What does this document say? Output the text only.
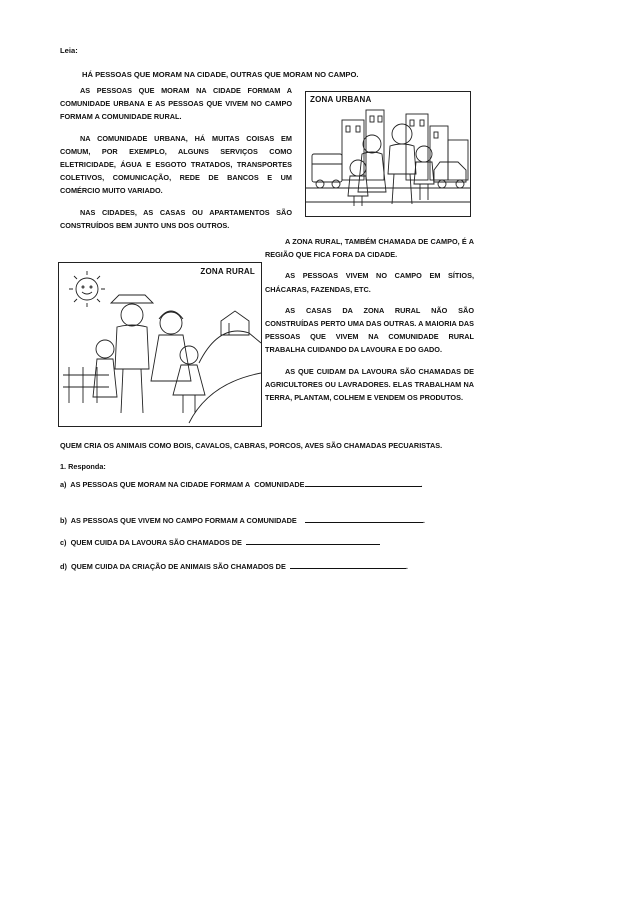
Leia:
HÁ PESSOAS QUE MORAM NA CIDADE, OUTRAS QUE MORAM NO CAMPO.

AS PESSOAS QUE MORAM NA CIDADE FORMAM A COMUNIDADE URBANA E AS PESSOAS QUE VIVEM NO CAMPO FORMAM A COMUNIDADE RURAL.

NA COMUNIDADE URBANA, HÁ MUITAS COISAS EM COMUM, POR EXEMPLO, ALGUNS SERVIÇOS COMO ELETRICIDADE, ÁGUA E ESGOTO TRATADOS, TRANSPORTES COLETIVOS, COMUNICAÇÃO, REDE DE BANCOS E UM COMÉRCIO MUITO VARIADO.

NAS CIDADES, AS CASAS OU APARTAMENTOS SÃO CONSTRUÍDOS BEM JUNTO UNS DOS OUTROS.

ZONA URBANA
ZONA RURAL

A ZONA RURAL, TAMBÉM CHAMADA DE CAMPO, É A REGIÃO QUE FICA FORA DA CIDADE.

AS PESSOAS VIVEM NO CAMPO EM SÍTIOS, CHÁCARAS, FAZENDAS, ETC.

AS CASAS DA ZONA RURAL NÃO SÃO CONSTRUÍDAS PERTO UMA DAS OUTRAS. A MAIORIA DAS PESSOAS QUE VIVEM NA COMUNIDADE RURAL TRABALHA CUIDANDO DA LAVOURA E DO GADO.

AS QUE CUIDAM DA LAVOURA SÃO CHAMADAS DE AGRICULTORES OU LAVRADORES. ELAS TRABALHAM NA TERRA, PLANTAM, COLHEM E VENDEM OS PRODUTOS.

QUEM CRIA OS ANIMAIS COMO BOIS, CAVALOS, CABRAS, PORCOS, AVES SÃO CHAMADAS PECUARISTAS.
1. Responda:
a) AS PESSOAS QUE MORAM NA CIDADE FORMAM A COMUNIDADE	.
b) AS PESSOAS QUE VIVEM NO CAMPO FORMAM A COMUNIDADE	.
c) QUEM CUIDA DA LAVOURA SÃO CHAMADOS DE
d) QUEM CUIDA DA CRIAÇÃO DE ANIMAIS SÃO CHAMADOS DE	.
